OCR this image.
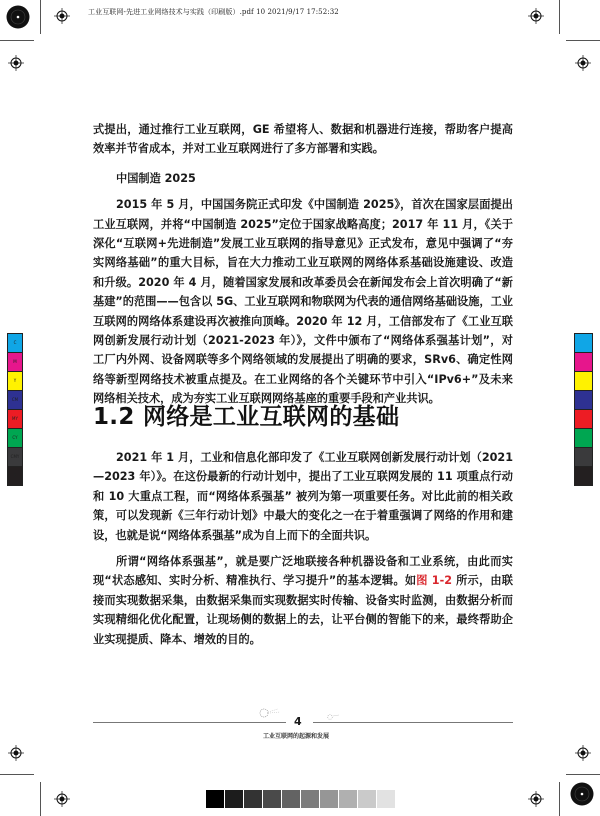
工业互联网-先进工业网络技术与实践（印刷版）.pdf 10 2021/9/17 17:52:32

式提出，通过推行工业互联网，GE 希望将人、数据和机器进行连接，帮助客户提高效率并节省成本，并对工业互联网进行了多方部署和实践。

中国制造 2025

2015 年 5 月，中国国务院正式印发《中国制造 2025》，首次在国家层面提出工业互联网，并将“中国制造 2025”定位于国家战略高度；2017 年 11 月，《关于深化“互联网+先进制造”发展工业互联网的指导意见》正式发布，意见中强调了“夯实网络基础”的重大目标，旨在大力推动工业互联网的网络体系基础设施建设、改造和升级。2020 年 4 月，随着国家发展和改革委员会在新闻发布会上首次明确了“新基建”的范围——包含以 5G、工业互联网和物联网为代表的通信网络基础设施，工业互联网的网络体系建设再次被推向顶峰。2020 年 12 月，工信部发布了《工业互联网创新发展行动计划（2021-2023 年）》，文件中颁布了“网络体系强基计划”，对工厂内外网、设备网联等多个网络领域的发展提出了明确的要求，SRv6、确定性网络等新型网络技术被重点提及。在工业网络的各个关键环节中引入“IPv6+”及未来网络相关技术，成为夯实工业互联网网络基座的重要手段和产业共识。

1.2 网络是工业互联网的基础

2021 年 1 月，工业和信息化部印发了《工业互联网创新发展行动计划（2021—2023 年）》。在这份最新的行动计划中，提出了工业互联网发展的 11 项重点行动和 10 大重点工程，而“网络体系强基” 被列为第一项重要任务。对比此前的相关政策，可以发现新《三年行动计划》中最大的变化之一在于着重强调了网络的作用和建设，也就是说“网络体系强基”成为自上而下的全面共识。

所谓“网络体系强基”，就是要广泛地联接各种机器设备和工业系统，由此而实现“状态感知、实时分析、精准执行、学习提升”的基本逻辑。如图 1-2 所示，由联接而实现数据采集，由数据采集而实现数据实时传输、设备实时监测，由数据分析而实现精细化优化配置，让现场侧的数据上的去，让平台侧的智能下的来，最终帮助企业实现提质、降本、增效的目的。

4
工业互联网的起源和发展
C
M
Y
CM
MY
CY
CMY
K
